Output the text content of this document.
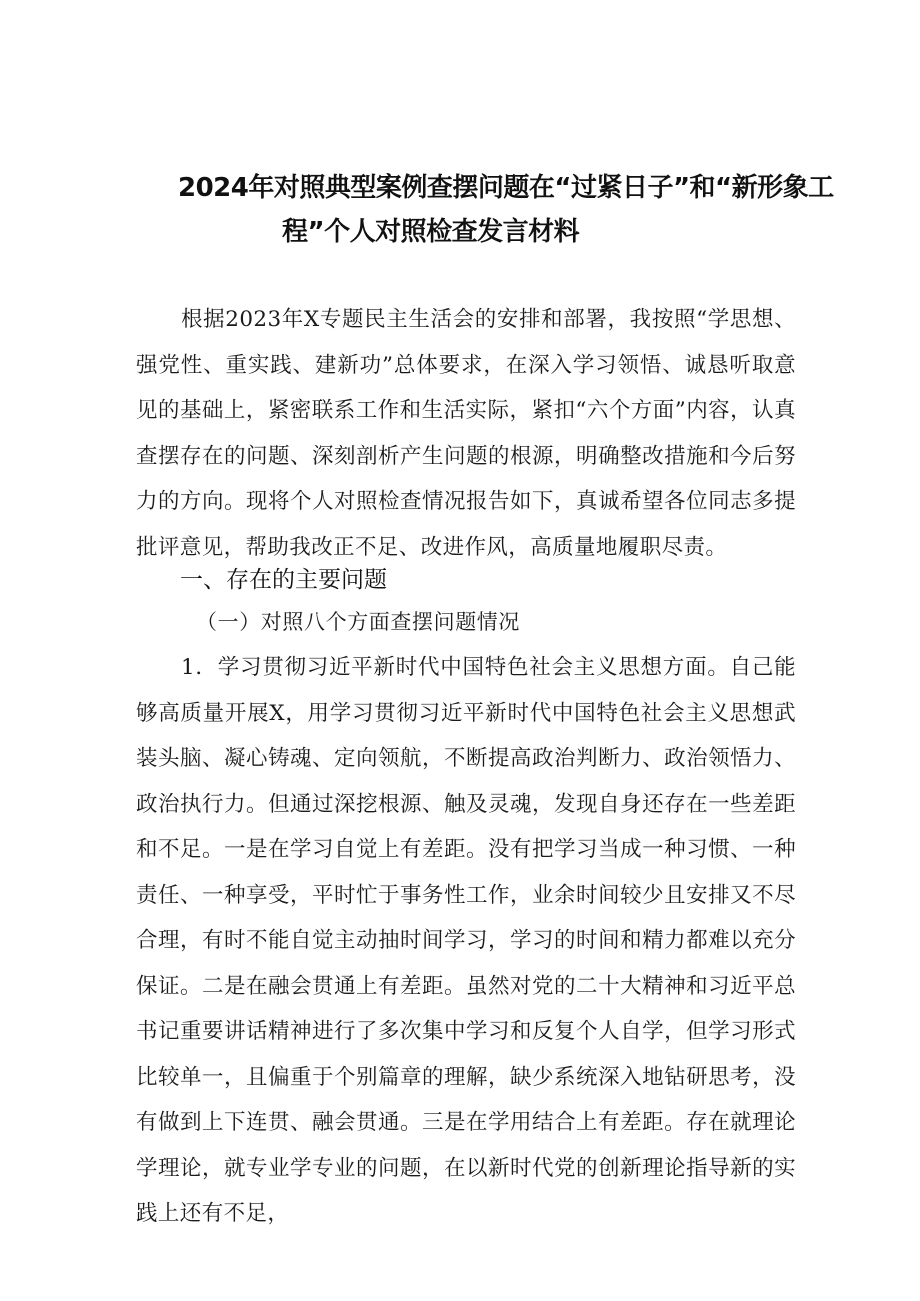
2024年对照典型案例查摆问题在“过紧日子”和“新形象工
程”个人对照检查发言材料

根据2023年X专题民主生活会的安排和部署，我按照“学思想、强党性、重实践、建新功”总体要求，在深入学习领悟、诚恳听取意见的基础上，紧密联系工作和生活实际，紧扣“六个方面”内容，认真查摆存在的问题、深刻剖析产生问题的根源，明确整改措施和今后努力的方向。现将个人对照检查情况报告如下，真诚希望各位同志多提批评意见，帮助我改正不足、改进作风，高质量地履职尽责。

一、存在的主要问题
（一）对照八个方面查摆问题情况

1．学习贯彻习近平新时代中国特色社会主义思想方面。自己能够高质量开展X，用学习贯彻习近平新时代中国特色社会主义思想武装头脑、凝心铸魂、定向领航，不断提高政治判断力、政治领悟力、政治执行力。但通过深挖根源、触及灵魂，发现自身还存在一些差距和不足。一是在学习自觉上有差距。没有把学习当成一种习惯、一种责任、一种享受，平时忙于事务性工作，业余时间较少且安排又不尽合理，有时不能自觉主动抽时间学习，学习的时间和精力都难以充分保证。二是在融会贯通上有差距。虽然对党的二十大精神和习近平总书记重要讲话精神进行了多次集中学习和反复个人自学，但学习形式比较单一，且偏重于个别篇章的理解，缺少系统深入地钻研思考，没有做到上下连贯、融会贯通。三是在学用结合上有差距。存在就理论学理论，就专业学专业的问题，在以新时代党的创新理论指导新的实践上还有不足，
